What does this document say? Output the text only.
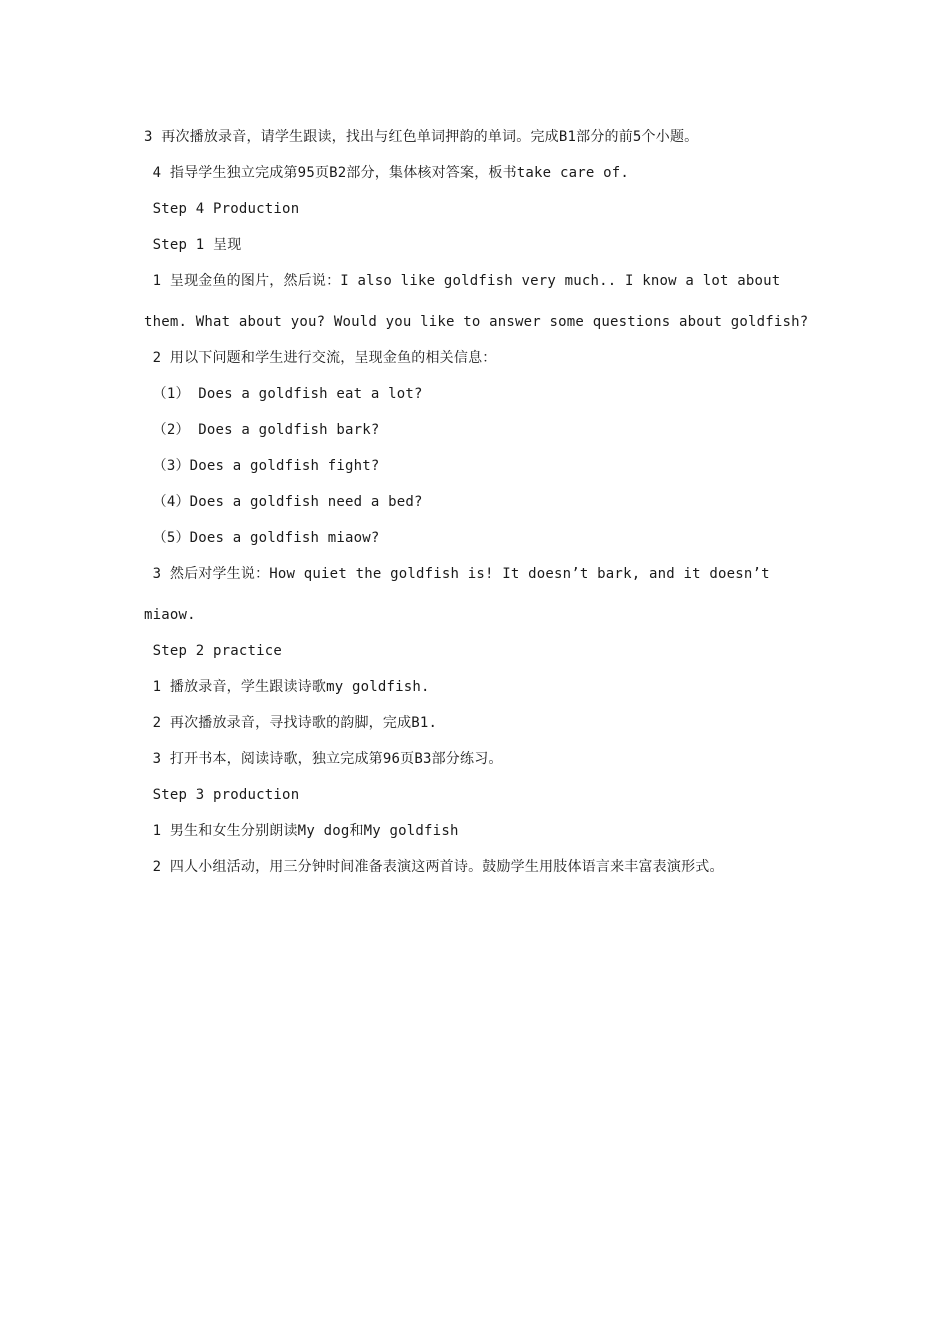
3 再次播放录音，请学生跟读，找出与红色单词押韵的单词。完成B1部分的前5个小题。
4 指导学生独立完成第95页B2部分，集体核对答案，板书take care of.
Step 4 Production
Step 1 呈现
1 呈现金鱼的图片，然后说：I also like goldfish very much.. I know a lot about
them. What about you? Would you like to answer some questions about goldfish?
2 用以下问题和学生进行交流，呈现金鱼的相关信息：
（1） Does a goldfish eat a lot?
（2） Does a goldfish bark?
（3）Does a goldfish fight?
（4）Does a goldfish need a bed?
（5）Does a goldfish miaow?
3 然后对学生说：How quiet the goldfish is! It doesn’t bark, and it doesn’t
miaow.
Step 2 practice
1 播放录音，学生跟读诗歌my goldfish.
2 再次播放录音，寻找诗歌的韵脚，完成B1.
3 打开书本，阅读诗歌，独立完成第96页B3部分练习。
Step 3 production
1 男生和女生分别朗读My dog和My goldfish
2 四人小组活动，用三分钟时间准备表演这两首诗。鼓励学生用肢体语言来丰富表演形式。
